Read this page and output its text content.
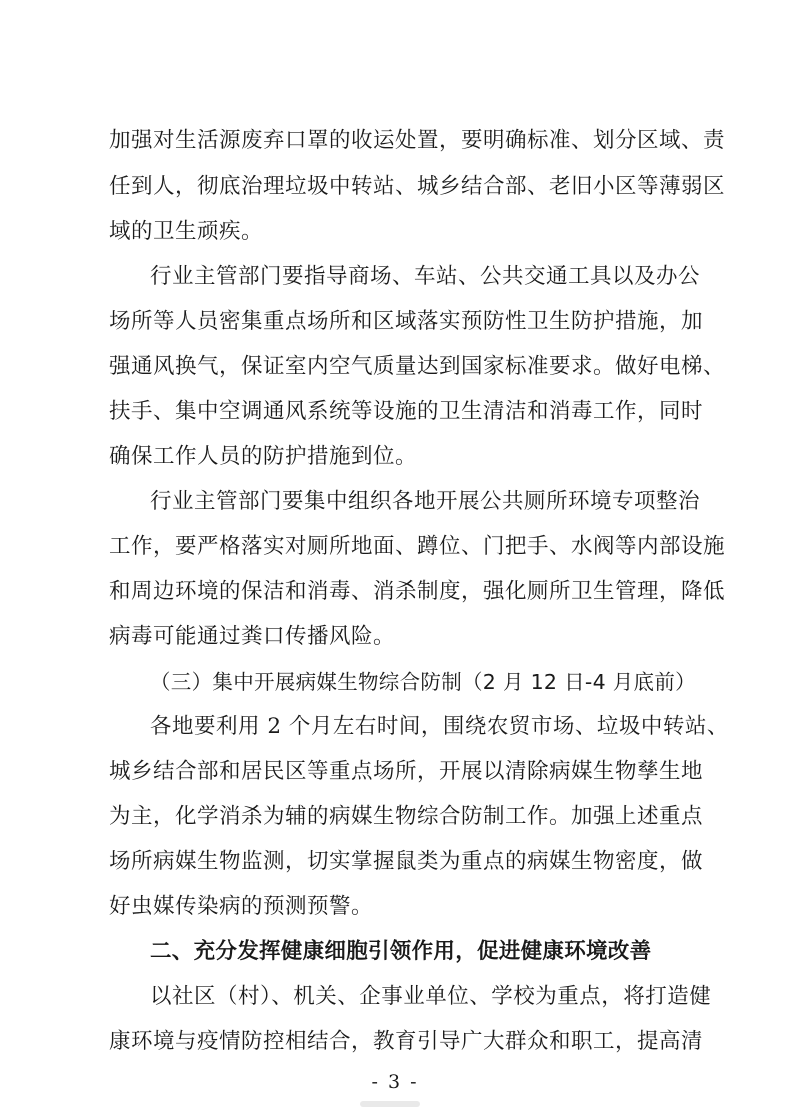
加强对生活源废弃口罩的收运处置，要明确标准、划分区域、责
任到人，彻底治理垃圾中转站、城乡结合部、老旧小区等薄弱区
域的卫生顽疾。
行业主管部门要指导商场、车站、公共交通工具以及办公
场所等人员密集重点场所和区域落实预防性卫生防护措施，加
强通风换气，保证室内空气质量达到国家标准要求。做好电梯、
扶手、集中空调通风系统等设施的卫生清洁和消毒工作，同时
确保工作人员的防护措施到位。
行业主管部门要集中组织各地开展公共厕所环境专项整治
工作，要严格落实对厕所地面、蹲位、门把手、水阀等内部设施
和周边环境的保洁和消毒、消杀制度，强化厕所卫生管理，降低
病毒可能通过粪口传播风险。
（三）集中开展病媒生物综合防制（2 月 12 日-4 月底前）
各地要利用 2 个月左右时间，围绕农贸市场、垃圾中转站、
城乡结合部和居民区等重点场所，开展以清除病媒生物孳生地
为主，化学消杀为辅的病媒生物综合防制工作。加强上述重点
场所病媒生物监测，切实掌握鼠类为重点的病媒生物密度，做
好虫媒传染病的预测预警。
二、充分发挥健康细胞引领作用，促进健康环境改善
以社区（村）、机关、企事业单位、学校为重点，将打造健
康环境与疫情防控相结合，教育引导广大群众和职工，提高清
- 3 -
